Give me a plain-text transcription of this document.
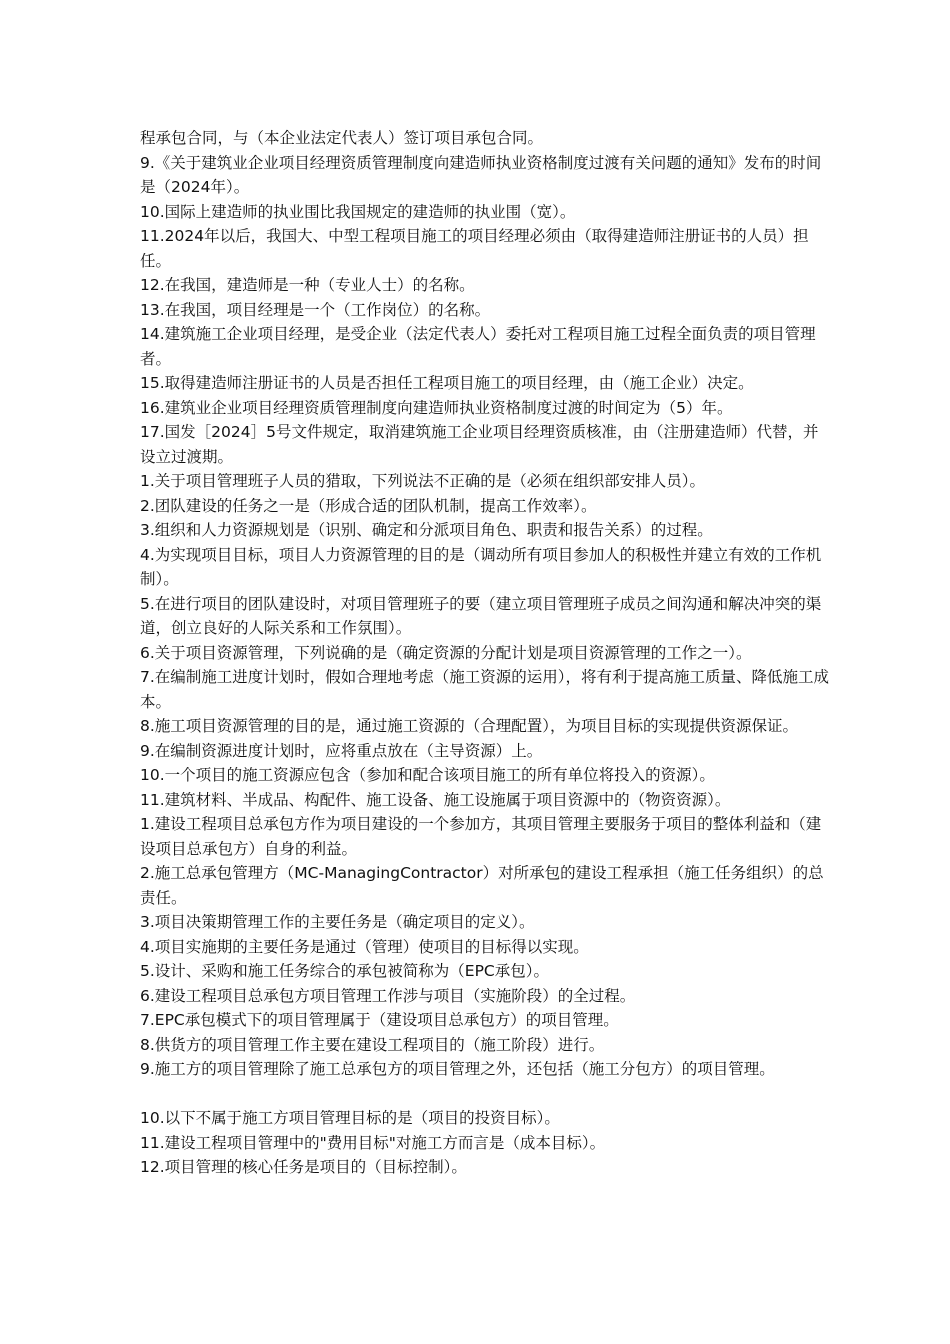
程承包合同，与（本企业法定代表人）签订项目承包合同。

9.《关于建筑业企业项目经理资质管理制度向建造师执业资格制度过渡有关问题的通知》发布的时间是（2024年）。

10.国际上建造师的执业围比我国规定的建造师的执业围（宽）。

11.2024年以后，我国大、中型工程项目施工的项目经理必须由（取得建造师注册证书的人员）担任。

12.在我国，建造师是一种（专业人士）的名称。

13.在我国，项目经理是一个（工作岗位）的名称。

14.建筑施工企业项目经理，是受企业（法定代表人）委托对工程项目施工过程全面负责的项目管理者。

15.取得建造师注册证书的人员是否担任工程项目施工的项目经理，由（施工企业）决定。

16.建筑业企业项目经理资质管理制度向建造师执业资格制度过渡的时间定为（5）年。

17.国发［2024］5号文件规定，取消建筑施工企业项目经理资质核准，由（注册建造师）代替，并设立过渡期。

1.关于项目管理班子人员的猎取，下列说法不正确的是（必须在组织部安排人员）。

2.团队建设的任务之一是（形成合适的团队机制，提高工作效率）。

3.组织和人力资源规划是（识别、确定和分派项目角色、职责和报告关系）的过程。

4.为实现项目目标，项目人力资源管理的目的是（调动所有项目参加人的积极性并建立有效的工作机制）。

5.在进行项目的团队建设时，对项目管理班子的要（建立项目管理班子成员之间沟通和解决冲突的渠道，创立良好的人际关系和工作氛围）。

6.关于项目资源管理，下列说确的是（确定资源的分配计划是项目资源管理的工作之一）。

7.在编制施工进度计划时，假如合理地考虑（施工资源的运用），将有利于提高施工质量、降低施工成本。

8.施工项目资源管理的目的是，通过施工资源的（合理配置），为项目目标的实现提供资源保证。

9.在编制资源进度计划时，应将重点放在（主导资源）上。

10.一个项目的施工资源应包含（参加和配合该项目施工的所有单位将投入的资源）。

11.建筑材料、半成品、构配件、施工设备、施工设施属于项目资源中的（物资资源）。

1.建设工程项目总承包方作为项目建设的一个参加方，其项目管理主要服务于项目的整体利益和（建设项目总承包方）自身的利益。

2.施工总承包管理方（MC-ManagingContractor）对所承包的建设工程承担（施工任务组织）的总责任。

3.项目决策期管理工作的主要任务是（确定项目的定义）。

4.项目实施期的主要任务是通过（管理）使项目的目标得以实现。

5.设计、采购和施工任务综合的承包被简称为（EPC承包）。

6.建设工程项目总承包方项目管理工作涉与项目（实施阶段）的全过程。

7.EPC承包模式下的项目管理属于（建设项目总承包方）的项目管理。

8.供货方的项目管理工作主要在建设工程项目的（施工阶段）进行。

9.施工方的项目管理除了施工总承包方的项目管理之外，还包括（施工分包方）的项目管理。

10.以下不属于施工方项目管理目标的是（项目的投资目标）。

11.建设工程项目管理中的"费用目标"对施工方而言是（成本目标）。

12.项目管理的核心任务是项目的（目标控制）。
